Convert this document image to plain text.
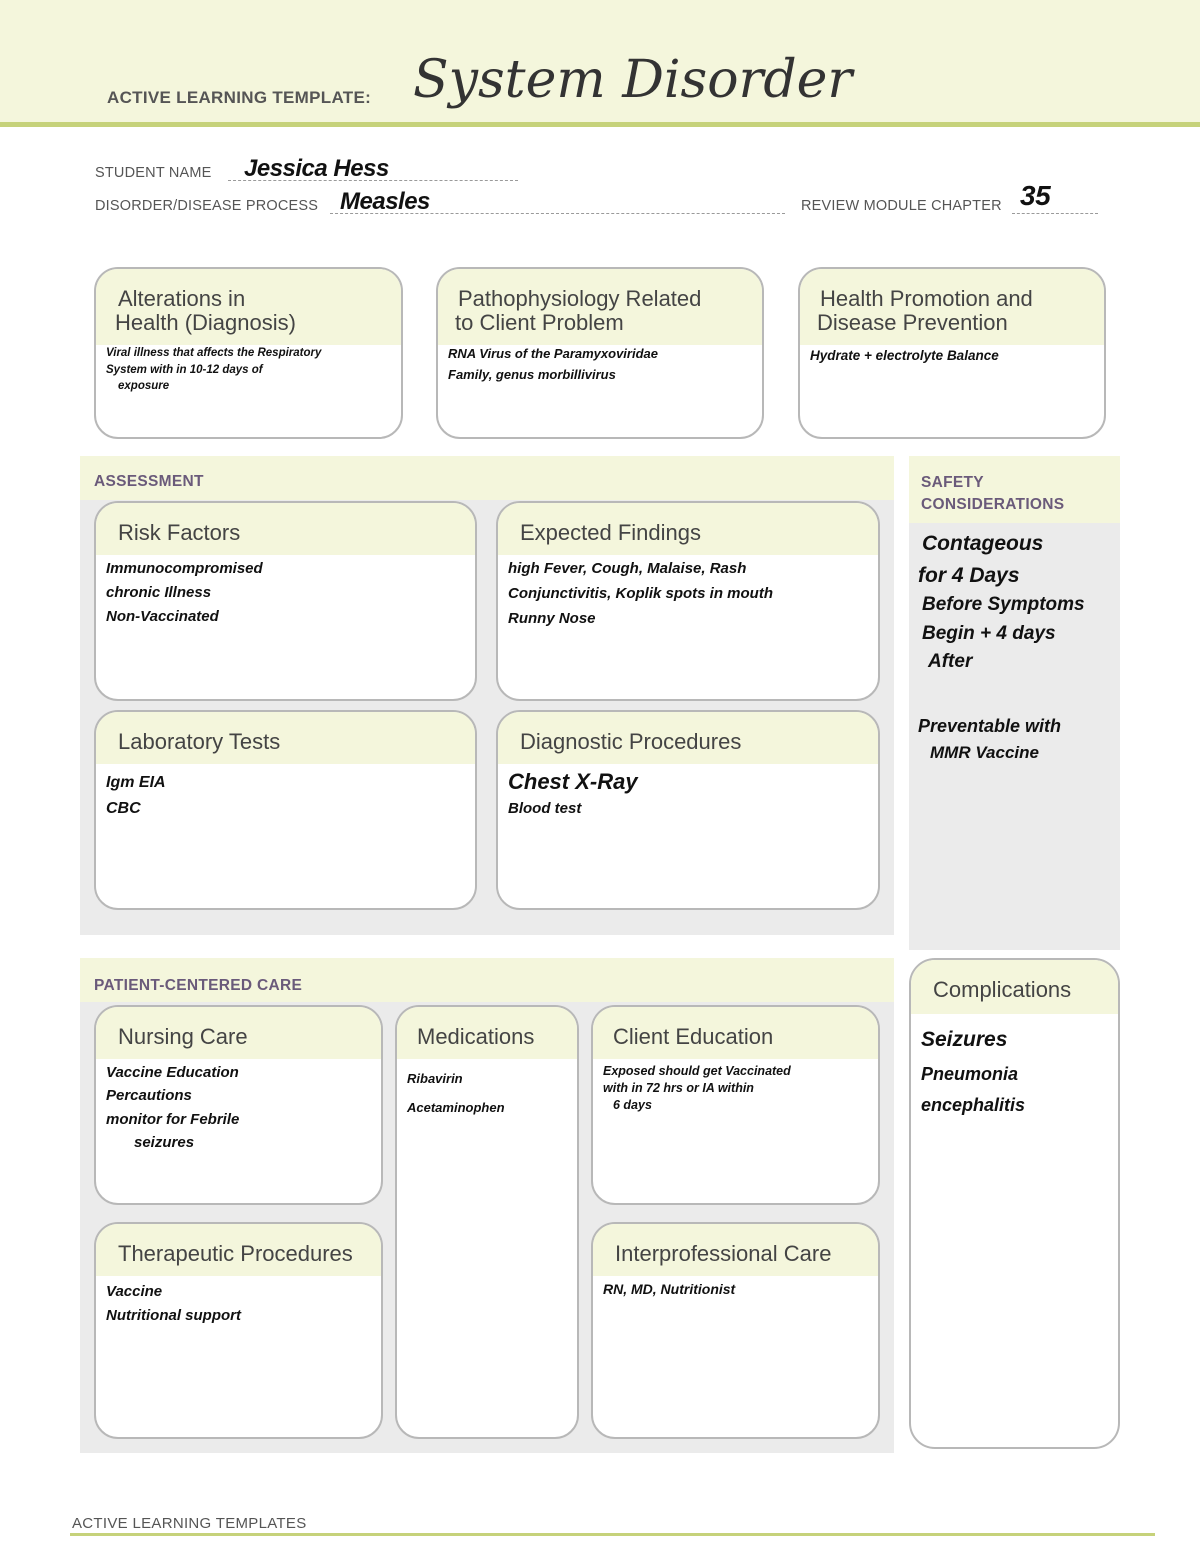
ACTIVE LEARNING TEMPLATE: System Disorder
STUDENT NAME Jessica Hess
DISORDER/DISEASE PROCESS Measles	REVIEW MODULE CHAPTER 35
Alterations in
Health (Diagnosis)
Viral illness that affects the Respiratory
System with in 10-12 days of
exposure
Pathophysiology Related
to Client Problem
RNA Virus of the Paramyxoviridae
Family, genus morbillivirus
Health Promotion and
Disease Prevention
Hydrate + electrolyte Balance
ASSESSMENT
Risk Factors
Immunocompromised
chronic Illness
Non-Vaccinated
Expected Findings
high Fever, Cough, Malaise, Rash
Conjunctivitis, Koplik spots in mouth
Runny Nose
Laboratory Tests
Igm EIA
CBC
Diagnostic Procedures
Chest X-Ray
Blood test
SAFETY
CONSIDERATIONS
Contageous
for 4 Days
Before Symptoms
Begin + 4 days
After
Preventable with
MMR Vaccine
PATIENT-CENTERED CARE
Nursing Care
Vaccine Education
Percautions
monitor for Febrile
seizures
Medications
Ribavirin
Acetaminophen
Client Education
Exposed should get Vaccinated
with in 72 hrs or IA within
6 days
Therapeutic Procedures
Vaccine
Nutritional support
Interprofessional Care
RN, MD, Nutritionist
Complications
Seizures
Pneumonia
encephalitis
ACTIVE LEARNING TEMPLATES
